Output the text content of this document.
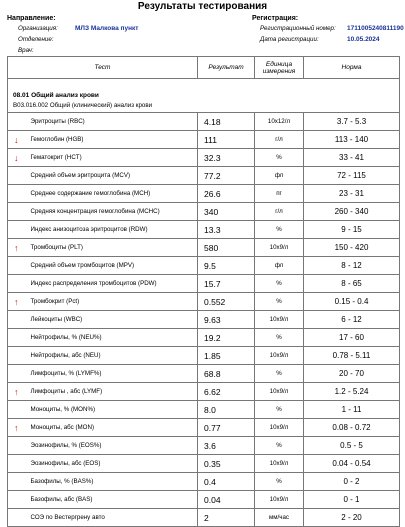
Результаты тестирования
Направление:
Организация:	МЛЗ Малкова пункт
Отделение:
Врач:
Регистрация:
Регистрационный номер: 1711005240811190
Дата регистрации:	10.05.2024
Тест		Результат	Единица измерения	Норма

08.01 Общий анализ крови
B03.016.002 Общий (клинический) анализ крови				

	Эритроциты (RBC)	4.18	10x12/л	3.7 - 5.3
↓	Гемоглобин (HGB)	111	г/л	113 - 140
↓	Гематокрит (HCT)	32.3	%	33 - 41
	Средний объем эритроцита (MCV)	77.2	фл	72 - 115
	Среднее содержание гемоглобина (MCH)	26.6	пг	23 - 31
	Средняя концентрация гемоглобина (MCHC)	340	г/л	260 - 340
	Индекс анизоцитоза эритроцитов (RDW)	13.3	%	9 - 15
↑	Тромбоциты (PLT)	580	10x9/л	150 - 420
	Средний объем тромбоцитов (MPV)	9.5	фл	8 - 12
	Индекс распределения тромбоцитов (PDW)	15.7	%	8 - 65
↑	Тромбокрит (Pct)	0.552	%	0.15 - 0.4
	Лейкоциты (WBC)	9.63	10x9/л	6 - 12
	Нейтрофилы, % (NEU%)	19.2	%	17 - 60
	Нейтрофилы, абс (NEU)	1.85	10x9/л	0.78 - 5.11
	Лимфоциты, % (LYMF%)	68.8	%	20 - 70
↑	Лимфоциты , абс (LYMF)	6.62	10x9/л	1.2 - 5.24
	Моноциты, % (MON%)	8.0	%	1 - 11
↑	Моноциты, абс (MON)	0.77	10x9/л	0.08 - 0.72
	Эозинофилы, % (EOS%)	3.6	%	0.5 - 5
	Эозинофилы, абс (EOS)	0.35	10x9/л	0.04 - 0.54
	Базофилы, % (BAS%)	0.4	%	0 - 2
	Базофилы, абс (BAS)	0.04	10x9/л	0 - 1
	СОЭ по Вестергрену авто	2	мм/час	2 - 20
